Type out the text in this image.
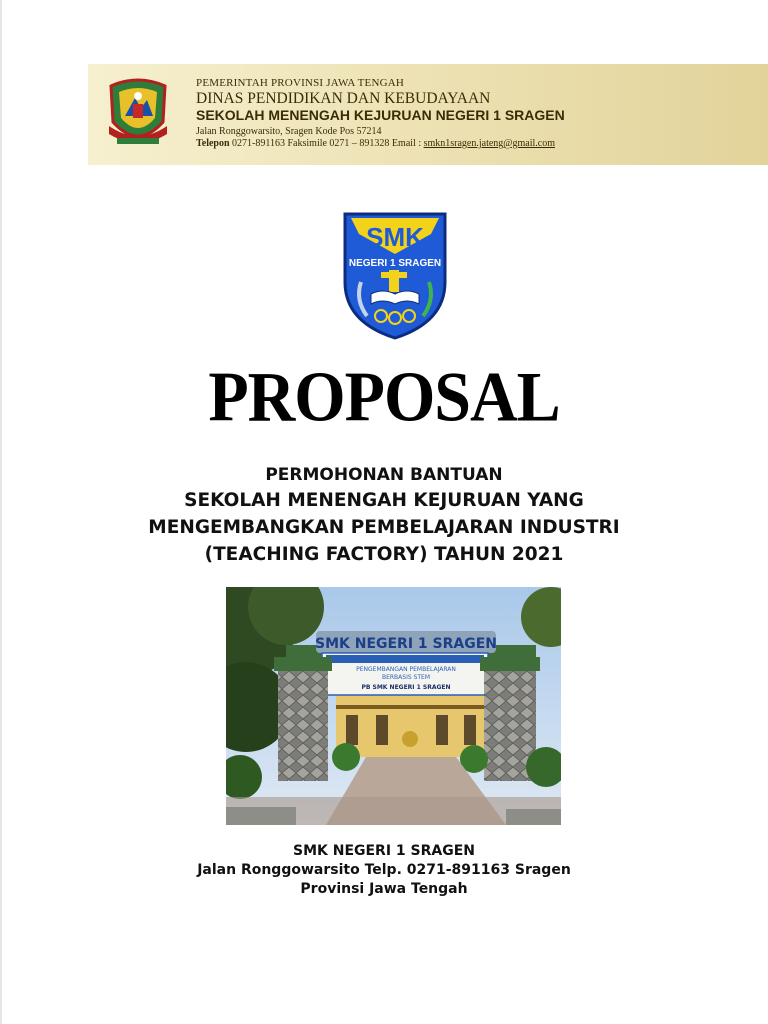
PEMERINTAH PROVINSI JAWA TENGAH
DINAS PENDIDIKAN DAN KEBUDAYAAN
SEKOLAH MENENGAH KEJURUAN NEGERI 1 SRAGEN
Jalan Ronggowarsito, Sragen Kode Pos 57214
Telepon 0271-891163 Faksimile 0271 – 891328 Email : smkn1sragen.jateng@gmail.com
SMK
NEGERI 1 SRAGEN
PROPOSAL
PERMOHONAN BANTUAN
SEKOLAH MENENGAH KEJURUAN YANG
MENGEMBANGKAN PEMBELAJARAN INDUSTRI
(TEACHING FACTORY) TAHUN 2021
SMK NEGERI 1 SRAGEN
PENGEMBANGAN PEMBELAJARAN
BERBASIS STEM
PB SMK NEGERI 1 SRAGEN
SMK NEGERI 1 SRAGEN
Jalan Ronggowarsito Telp. 0271-891163 Sragen
Provinsi Jawa Tengah
